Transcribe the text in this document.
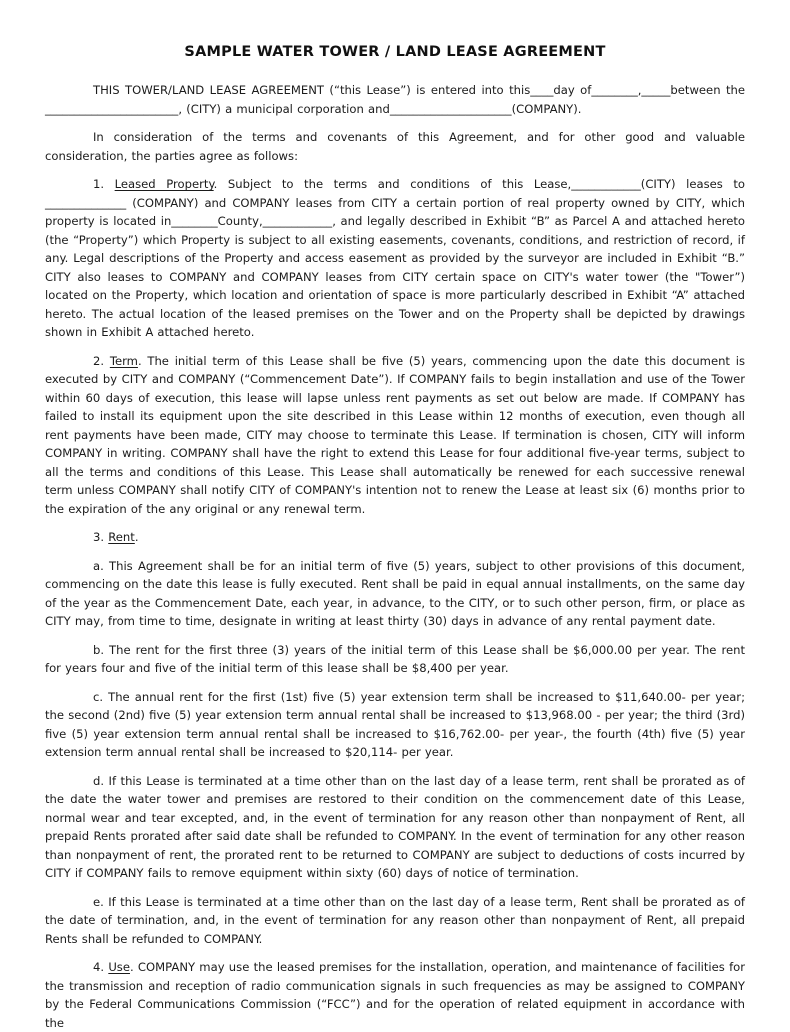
SAMPLE WATER TOWER / LAND LEASE AGREEMENT

THIS TOWER/LAND LEASE AGREEMENT (“this Lease”) is entered into this____day of________,_____between the _______________________, (CITY) a municipal corporation and_____________________(COMPANY).

In consideration of the terms and covenants of this Agreement, and for other good and valuable consideration, the parties agree as follows:

1. Leased Property. Subject to the terms and conditions of this Lease,____________(CITY) leases to ______________ (COMPANY) and COMPANY leases from CITY a certain portion of real property owned by CITY, which property is located in________County,____________, and legally described in Exhibit “B” as Parcel A and attached hereto (the “Property”) which Property is subject to all existing easements, covenants, conditions, and restriction of record, if any. Legal descriptions of the Property and access easement as provided by the surveyor are included in Exhibit “B.” CITY also leases to COMPANY and COMPANY leases from CITY certain space on CITY's water tower (the "Tower”) located on the Property, which location and orientation of space is more particularly described in Exhibit “A” attached hereto. The actual location of the leased premises on the Tower and on the Property shall be depicted by drawings shown in Exhibit A attached hereto.

2. Term. The initial term of this Lease shall be five (5) years, commencing upon the date this document is executed by CITY and COMPANY (“Commencement Date”). If COMPANY fails to begin installation and use of the Tower within 60 days of execution, this lease will lapse unless rent payments as set out below are made. If COMPANY has failed to install its equipment upon the site described in this Lease within 12 months of execution, even though all rent payments have been made, CITY may choose to terminate this Lease. If termination is chosen, CITY will inform COMPANY in writing. COMPANY shall have the right to extend this Lease for four additional five-year terms, subject to all the terms and conditions of this Lease. This Lease shall automatically be renewed for each successive renewal term unless COMPANY shall notify CITY of COMPANY's intention not to renew the Lease at least six (6) months prior to the expiration of the any original or any renewal term.

3. Rent.

a. This Agreement shall be for an initial term of five (5) years, subject to other provisions of this document, commencing on the date this lease is fully executed. Rent shall be paid in equal annual installments, on the same day of the year as the Commencement Date, each year, in advance, to the CITY, or to such other person, firm, or place as CITY may, from time to time, designate in writing at least thirty (30) days in advance of any rental payment date.

b. The rent for the first three (3) years of the initial term of this Lease shall be $6,000.00 per year. The rent for years four and five of the initial term of this lease shall be $8,400 per year.

c. The annual rent for the first (1st) five (5) year extension term shall be increased to $11,640.00- per year; the second (2nd) five (5) year extension term annual rental shall be increased to $13,968.00 - per year; the third (3rd) five (5) year extension term annual rental shall be increased to $16,762.00- per year-, the fourth (4th) five (5) year extension term annual rental shall be increased to $20,114- per year.

d. If this Lease is terminated at a time other than on the last day of a lease term, rent shall be prorated as of the date the water tower and premises are restored to their condition on the commencement date of this Lease, normal wear and tear excepted, and, in the event of termination for any reason other than nonpayment of Rent, all prepaid Rents prorated after said date shall be refunded to COMPANY. In the event of termination for any other reason than nonpayment of rent, the prorated rent to be returned to COMPANY are subject to deductions of costs incurred by CITY if COMPANY fails to remove equipment within sixty (60) days of notice of termination.

e. If this Lease is terminated at a time other than on the last day of a lease term, Rent shall be prorated as of the date of termination, and, in the event of termination for any reason other than nonpayment of Rent, all prepaid Rents shall be refunded to COMPANY.

4. Use. COMPANY may use the leased premises for the installation, operation, and maintenance of facilities for the transmission and reception of radio communication signals in such frequencies as may be assigned to COMPANY by the Federal Communications Commission (“FCC”) and for the operation of related equipment in accordance with the
